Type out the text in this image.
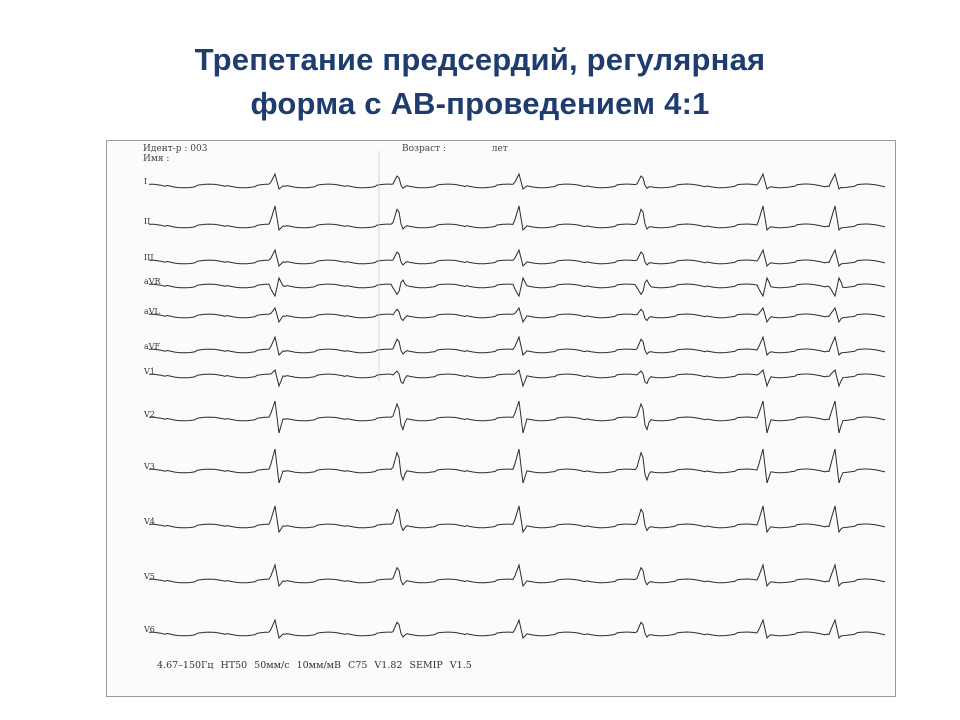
Трепетание предсердий, регулярная
форма с АВ-проведением 4:1
I
II
III
aVR
aVL
aVF
V1
V2
V3
V4
V5
V6
Идент-р : 003
Имя :
Возраст :	лет
4.67–150Гц HT50 50мм/с 10мм/мВ C75 V1.82 SEMIP V1.5
